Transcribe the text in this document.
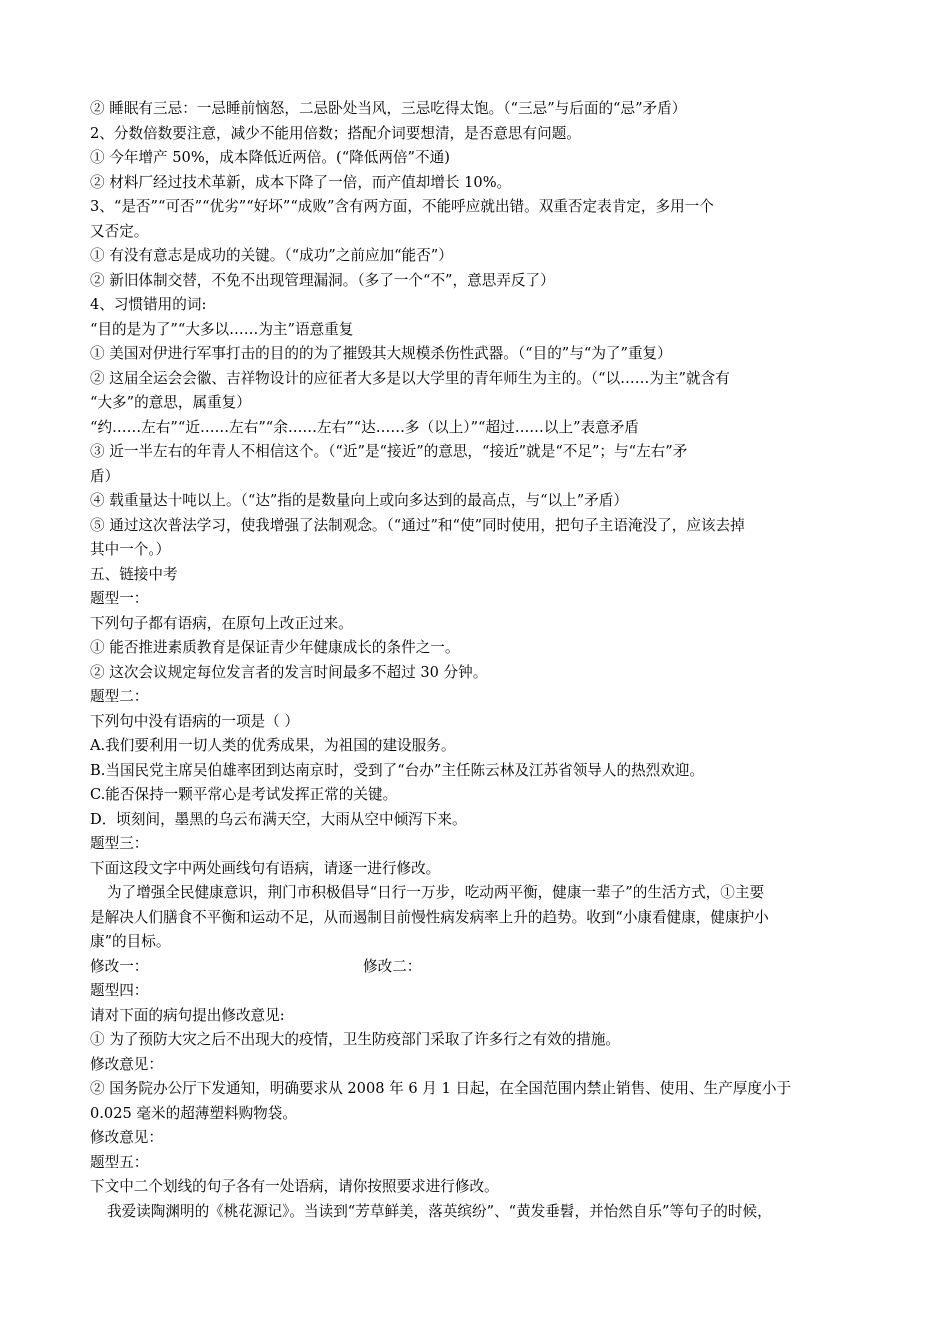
② 睡眠有三忌：一忌睡前恼怒，二忌卧处当风，三忌吃得太饱。（“三忌”与后面的“忌”矛盾）
2、分数倍数要注意，减少不能用倍数；搭配介词要想清，是否意思有问题。
① 今年增产 50%，成本降低近两倍。(“降低两倍”不通)
② 材料厂经过技术革新，成本下降了一倍，而产值却增长 10%。
3、“是否”“可否”“优劣”“好坏”“成败”含有两方面，不能呼应就出错。双重否定表肯定，多用一个
又否定。
① 有没有意志是成功的关键。（“成功”之前应加“能否”）
② 新旧体制交替，不免不出现管理漏洞。（多了一个“不”，意思弄反了）
4、习惯错用的词:
“目的是为了”“大多以……为主”语意重复
① 美国对伊进行军事打击的目的的为了摧毁其大规模杀伤性武器。（“目的”与“为了”重复）
② 这届全运会会徽、吉祥物设计的应征者大多是以大学里的青年师生为主的。（“以……为主”就含有
“大多”的意思，属重复）
“约……左右”“近……左右”“余……左右”“达……多（以上）”“超过……以上”表意矛盾
③ 近一半左右的年青人不相信这个。（“近”是“接近”的意思，“接近”就是“不足”；与“左右”矛
盾）
④ 载重量达十吨以上。（“达”指的是数量向上或向多达到的最高点，与“以上”矛盾）
⑤ 通过这次普法学习，使我增强了法制观念。（“通过”和“使”同时使用，把句子主语淹没了，应该去掉
其中一个。）
五、链接中考
题型一：
下列句子都有语病，在原句上改正过来。
① 能否推进素质教育是保证青少年健康成长的条件之一。
② 这次会议规定每位发言者的发言时间最多不超过 30 分钟。
题型二：
下列句中没有语病的一项是（ ）
A.我们要利用一切人类的优秀成果，为祖国的建设服务。
B.当国民党主席吴伯雄率团到达南京时，受到了“台办”主任陈云林及江苏省领导人的热烈欢迎。
C.能否保持一颗平常心是考试发挥正常的关键。
D．顷刻间，墨黑的乌云布满天空，大雨从空中倾泻下来。
题型三：
下面这段文字中两处画线句有语病，请逐一进行修改。
为了增强全民健康意识，荆门市积极倡导“日行一万步，吃动两平衡，健康一辈子”的生活方式，①主要
是解决人们膳食不平衡和运动不足，从而遏制目前慢性病发病率上升的趋势。收到“小康看健康，健康护小
康”的目标。
修改一：	修改二：
题型四：
请对下面的病句提出修改意见:
① 为了预防大灾之后不出现大的疫情，卫生防疫部门采取了许多行之有效的措施。
修改意见：
② 国务院办公厅下发通知，明确要求从 2008 年 6 月 1 日起，在全国范围内禁止销售、使用、生产厚度小于
0.025 毫米的超薄塑料购物袋。
修改意见：
题型五：
下文中二个划线的句子各有一处语病，请你按照要求进行修改。
我爱读陶渊明的《桃花源记》。当读到“芳草鲜美，落英缤纷”、“黄发垂髫，并怡然自乐”等句子的时候，
